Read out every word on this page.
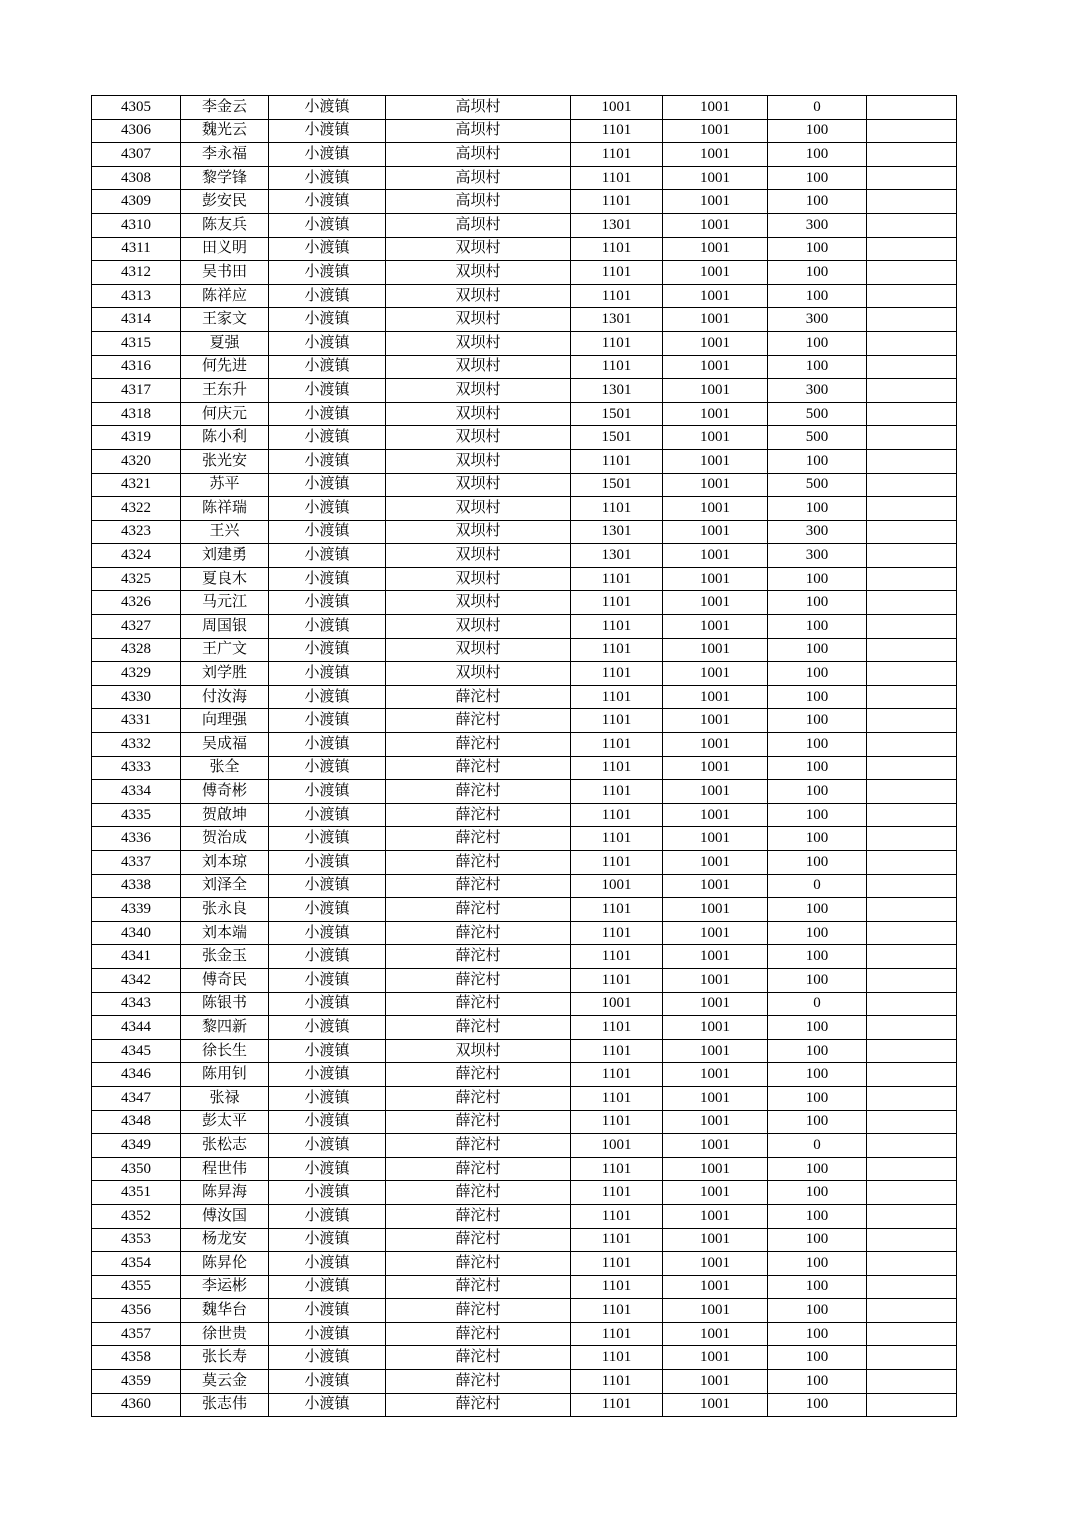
4305	李金云	小渡镇	高坝村	1001	1001	0	
4306	魏光云	小渡镇	高坝村	1101	1001	100	
4307	李永福	小渡镇	高坝村	1101	1001	100	
4308	黎学锋	小渡镇	高坝村	1101	1001	100	
4309	彭安民	小渡镇	高坝村	1101	1001	100	
4310	陈友兵	小渡镇	高坝村	1301	1001	300	
4311	田义明	小渡镇	双坝村	1101	1001	100	
4312	吴书田	小渡镇	双坝村	1101	1001	100	
4313	陈祥应	小渡镇	双坝村	1101	1001	100	
4314	王家文	小渡镇	双坝村	1301	1001	300	
4315	夏强	小渡镇	双坝村	1101	1001	100	
4316	何先进	小渡镇	双坝村	1101	1001	100	
4317	王东升	小渡镇	双坝村	1301	1001	300	
4318	何庆元	小渡镇	双坝村	1501	1001	500	
4319	陈小利	小渡镇	双坝村	1501	1001	500	
4320	张光安	小渡镇	双坝村	1101	1001	100	
4321	苏平	小渡镇	双坝村	1501	1001	500	
4322	陈祥瑞	小渡镇	双坝村	1101	1001	100	
4323	王兴	小渡镇	双坝村	1301	1001	300	
4324	刘建勇	小渡镇	双坝村	1301	1001	300	
4325	夏良木	小渡镇	双坝村	1101	1001	100	
4326	马元江	小渡镇	双坝村	1101	1001	100	
4327	周国银	小渡镇	双坝村	1101	1001	100	
4328	王广文	小渡镇	双坝村	1101	1001	100	
4329	刘学胜	小渡镇	双坝村	1101	1001	100	
4330	付汝海	小渡镇	薛沱村	1101	1001	100	
4331	向理强	小渡镇	薛沱村	1101	1001	100	
4332	吴成福	小渡镇	薛沱村	1101	1001	100	
4333	张全	小渡镇	薛沱村	1101	1001	100	
4334	傅奇彬	小渡镇	薛沱村	1101	1001	100	
4335	贺啟坤	小渡镇	薛沱村	1101	1001	100	
4336	贺治成	小渡镇	薛沱村	1101	1001	100	
4337	刘本琼	小渡镇	薛沱村	1101	1001	100	
4338	刘泽全	小渡镇	薛沱村	1001	1001	0	
4339	张永良	小渡镇	薛沱村	1101	1001	100	
4340	刘本端	小渡镇	薛沱村	1101	1001	100	
4341	张金玉	小渡镇	薛沱村	1101	1001	100	
4342	傅奇民	小渡镇	薛沱村	1101	1001	100	
4343	陈银书	小渡镇	薛沱村	1001	1001	0	
4344	黎四新	小渡镇	薛沱村	1101	1001	100	
4345	徐长生	小渡镇	双坝村	1101	1001	100	
4346	陈用钊	小渡镇	薛沱村	1101	1001	100	
4347	张禄	小渡镇	薛沱村	1101	1001	100	
4348	彭太平	小渡镇	薛沱村	1101	1001	100	
4349	张松志	小渡镇	薛沱村	1001	1001	0	
4350	程世伟	小渡镇	薛沱村	1101	1001	100	
4351	陈昇海	小渡镇	薛沱村	1101	1001	100	
4352	傅汝国	小渡镇	薛沱村	1101	1001	100	
4353	杨龙安	小渡镇	薛沱村	1101	1001	100	
4354	陈昇伦	小渡镇	薛沱村	1101	1001	100	
4355	李运彬	小渡镇	薛沱村	1101	1001	100	
4356	魏华台	小渡镇	薛沱村	1101	1001	100	
4357	徐世贵	小渡镇	薛沱村	1101	1001	100	
4358	张长寿	小渡镇	薛沱村	1101	1001	100	
4359	莫云金	小渡镇	薛沱村	1101	1001	100	
4360	张志伟	小渡镇	薛沱村	1101	1001	100	
